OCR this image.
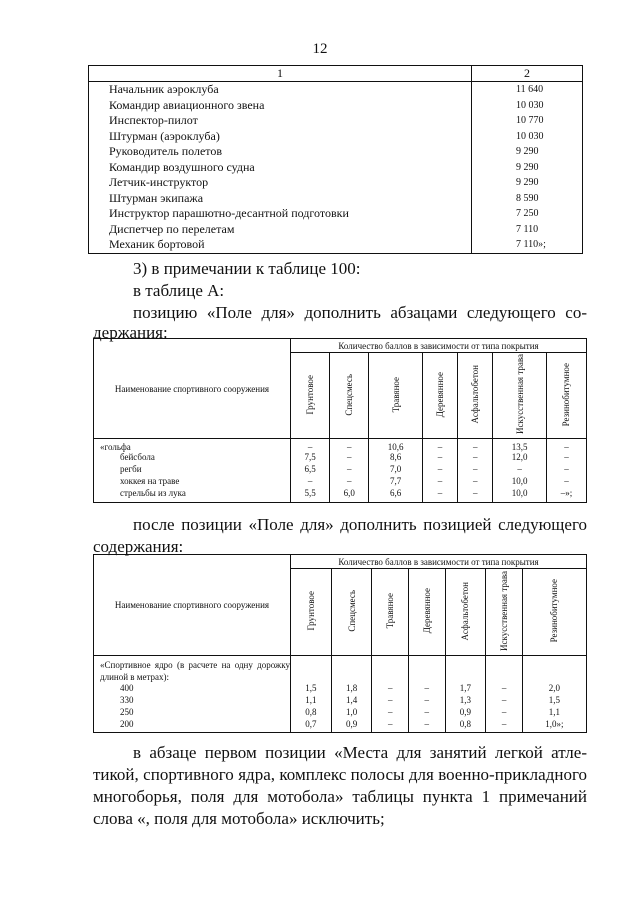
12
1	2
Начальник аэроклуба	11 640
Командир авиационного звена	10 030
Инспектор-пилот	10 770
Штурман (аэроклуба)	10 030
Руководитель полетов	9 290
Командир воздушного судна	9 290
Летчик-инструктор	9 290
Штурман экипажа	8 590
Инструктор парашютно-десантной подготовки	7 250
Диспетчер по перелетам	7 110
Механик бортовой	7 110»;
3) в примечании к таблице 100:
в таблице А:
позицию «Поле для» дополнить абзацами следующего со-
держания:
Наименование спортивного сооружения	Количество баллов в зависимости от типа покрытия						
	Грунтовое	Спецсмесь	Травяное	Деревянное	Асфальтобетон	Искусственная трава	Резинобитумное
«гольфа	–	–	10,6	–	–	13,5	–
бейсбола	7,5	–	8,6	–	–	12,0	–
регби	6,5	–	7,0	–	–	–	–
хоккея на траве	–	–	7,7	–	–	10,0	–
стрельбы из лука	5,5	6,0	6,6	–	–	10,0	–»;
после позиции «Поле для» дополнить позицией следующего
содержания:
Наименование спортивного сооружения	Количество баллов в зависимости от типа покрытия						
	Грунтовое	Спецсмесь	Травяное	Деревянное	Асфальтобетон	Искусственная трава	Резинобитумное
«Спортивное ядро (в расчете на одну дорожку длиной в метрах):							
400	1,5	1,8	–	–	1,7	–	2,0
330	1,1	1,4	–	–	1,3	–	1,5
250	0,8	1,0	–	–	0,9	–	1,1
200	0,7	0,9	–	–	0,8	–	1,0»;
в абзаце первом позиции «Места для занятий легкой атле-
тикой, спортивного ядра, комплекс полосы для военно-прикладного
многоборья, поля для мотобола» таблицы пункта 1 примечаний
слова «, поля для мотобола» исключить;
